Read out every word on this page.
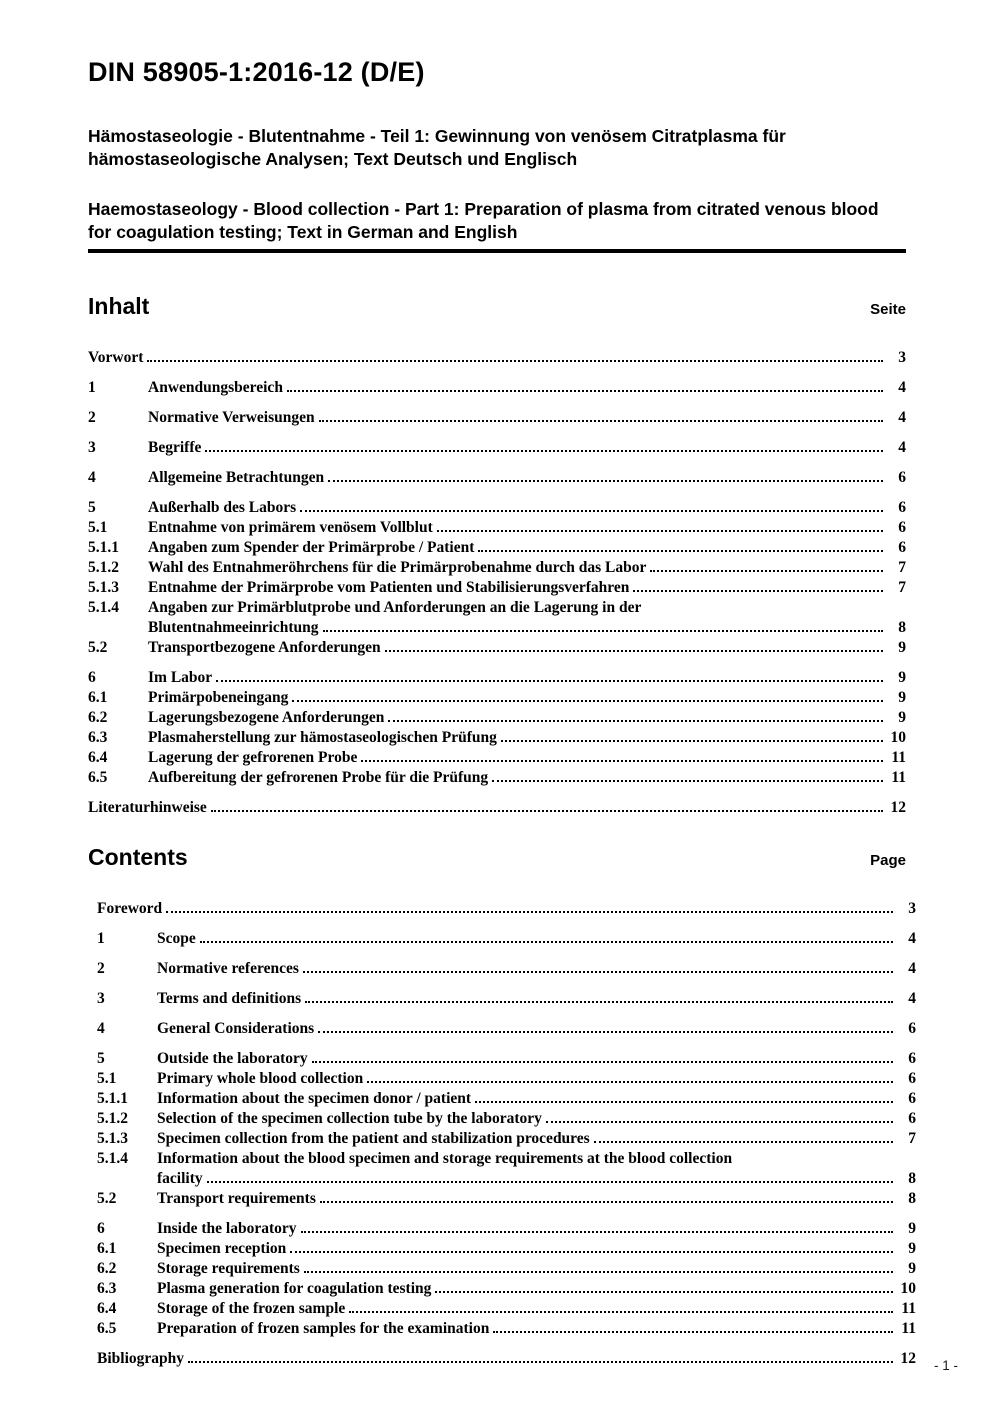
DIN 58905-1:2016-12 (D/E)
Hämostaseologie - Blutentnahme - Teil 1: Gewinnung von venösem Citratplasma für hämostaseologische Analysen; Text Deutsch und Englisch
Haemostaseology - Blood collection - Part 1: Preparation of plasma from citrated venous blood for coagulation testing; Text in German and English
Inhalt	Seite
Vorwort	3
1	Anwendungsbereich	4
2	Normative Verweisungen	4
3	Begriffe	4
4	Allgemeine Betrachtungen	6
5	Außerhalb des Labors	6
5.1	Entnahme von primärem venösem Vollblut	6
5.1.1	Angaben zum Spender der Primärprobe / Patient	6
5.1.2	Wahl des Entnahmeröhrchens für die Primärprobenahme durch das Labor	7
5.1.3	Entnahme der Primärprobe vom Patienten und Stabilisierungsverfahren	7
5.1.4	Angaben zur Primärblutprobe und Anforderungen an die Lagerung in der
Blutentnahmeeinrichtung	8
5.2	Transportbezogene Anforderungen	9
6	Im Labor	9
6.1	Primärpobeneingang	9
6.2	Lagerungsbezogene Anforderungen	9
6.3	Plasmaherstellung zur hämostaseologischen Prüfung	10
6.4	Lagerung der gefrorenen Probe	11
6.5	Aufbereitung der gefrorenen Probe für die Prüfung	11
Literaturhinweise	12
Contents	Page
Foreword	3
1	Scope	4
2	Normative references	4
3	Terms and definitions	4
4	General Considerations	6
5	Outside the laboratory	6
5.1	Primary whole blood collection	6
5.1.1	Information about the specimen donor / patient	6
5.1.2	Selection of the specimen collection tube by the laboratory	6
5.1.3	Specimen collection from the patient and stabilization procedures	7
5.1.4	Information about the blood specimen and storage requirements at the blood collection
facility	8
5.2	Transport requirements	8
6	Inside the laboratory	9
6.1	Specimen reception	9
6.2	Storage requirements	9
6.3	Plasma generation for coagulation testing	10
6.4	Storage of the frozen sample	11
6.5	Preparation of frozen samples for the examination	11
Bibliography	12 - 1 -
